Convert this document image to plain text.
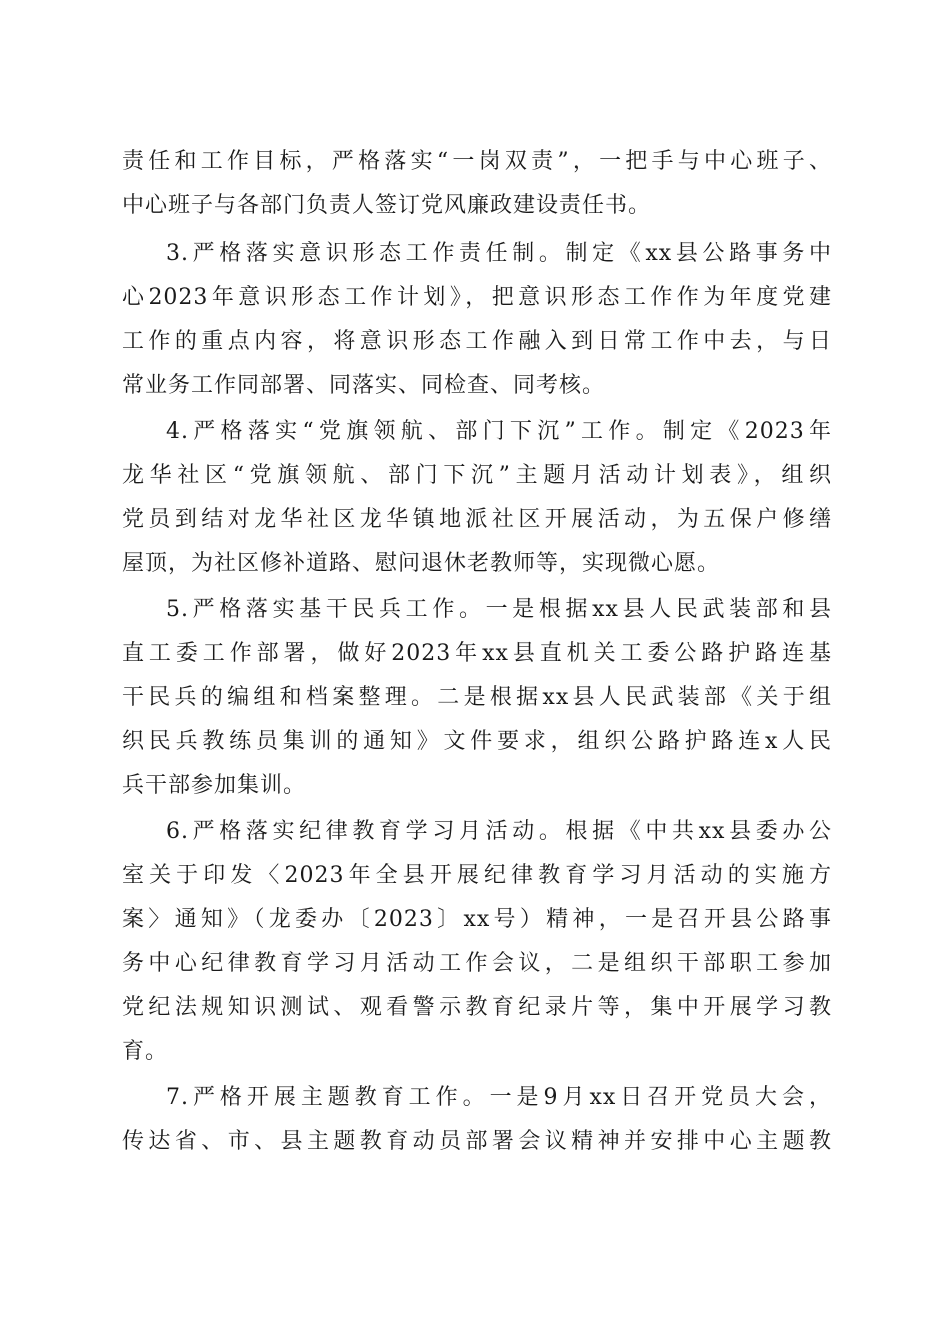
责任和工作目标，严格落实“一岗双责”，一把手与中心班子、
中心班子与各部门负责人签订党风廉政建设责任书。
3.严格落实意识形态工作责任制。制定《xx县公路事务中
心2023年意识形态工作计划》，把意识形态工作作为年度党建
工作的重点内容，将意识形态工作融入到日常工作中去，与日
常业务工作同部署、同落实、同检查、同考核。
4.严格落实“党旗领航、部门下沉”工作。制定《2023年
龙华社区“党旗领航、部门下沉”主题月活动计划表》，组织
党员到结对龙华社区龙华镇地派社区开展活动，为五保户修缮
屋顶，为社区修补道路、慰问退休老教师等，实现微心愿。
5.严格落实基干民兵工作。一是根据xx县人民武装部和县
直工委工作部署，做好2023年xx县直机关工委公路护路连基
干民兵的编组和档案整理。二是根据xx县人民武装部《关于组
织民兵教练员集训的通知》文件要求，组织公路护路连x人民
兵干部参加集训。
6.严格落实纪律教育学习月活动。根据《中共xx县委办公
室关于印发〈2023年全县开展纪律教育学习月活动的实施方
案〉通知》（龙委办〔2023〕xx号）精神，一是召开县公路事
务中心纪律教育学习月活动工作会议，二是组织干部职工参加
党纪法规知识测试、观看警示教育纪录片等，集中开展学习教
育。
7.严格开展主题教育工作。一是9月xx日召开党员大会，
传达省、市、县主题教育动员部署会议精神并安排中心主题教
